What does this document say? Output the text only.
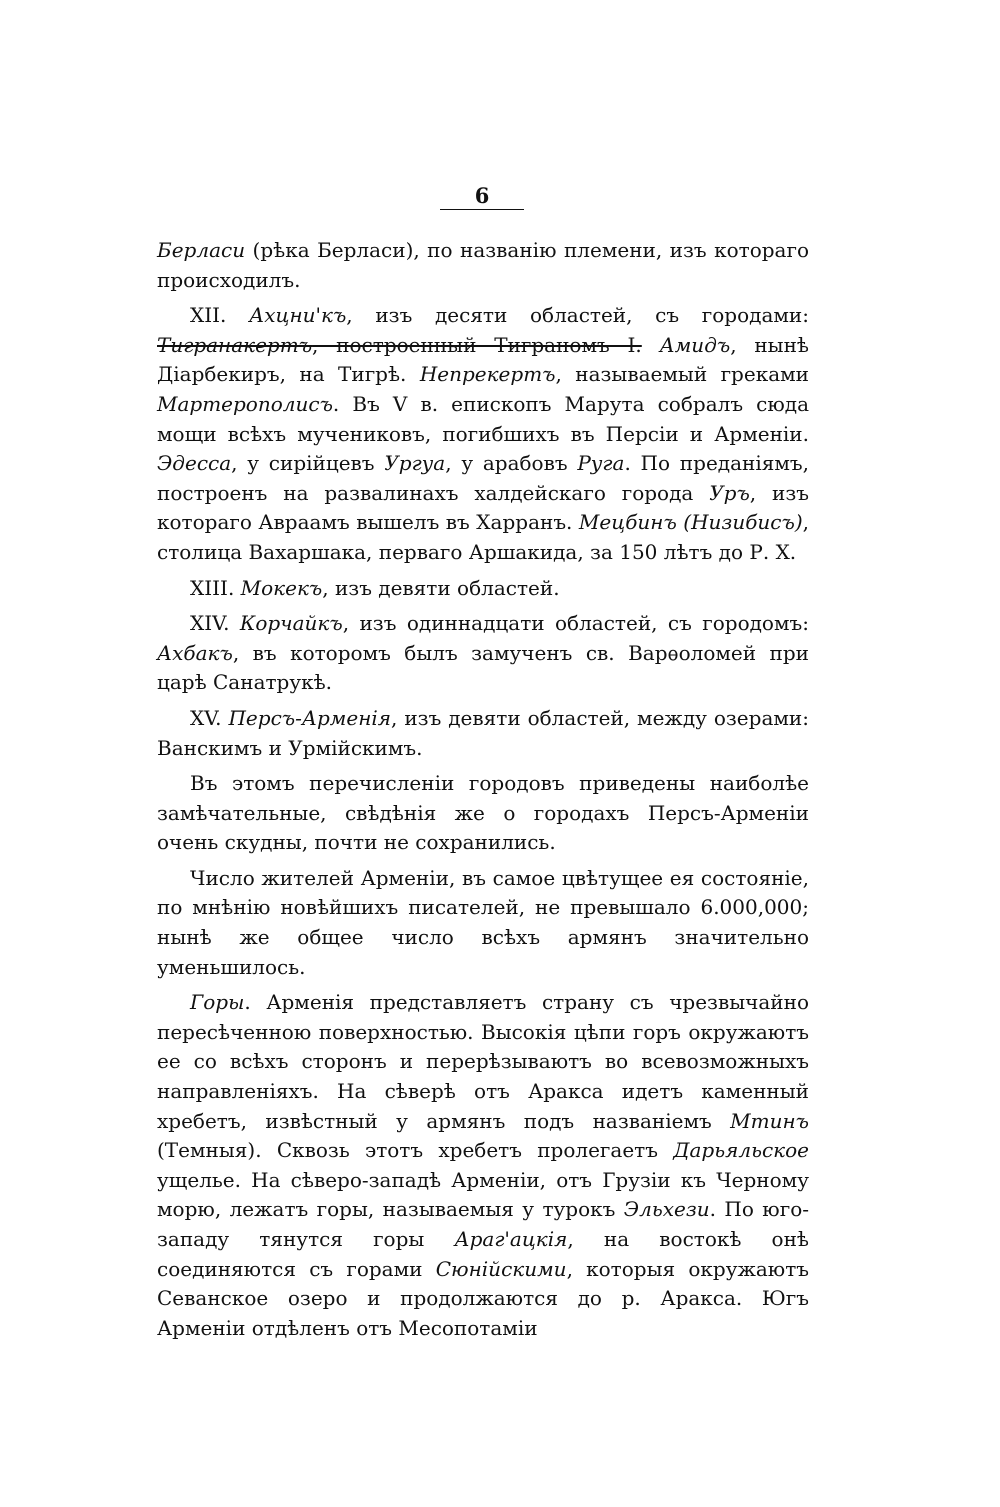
6

Берласи (рѣка Берласи), по названію племени, изъ котораго происходилъ.

XII. Ахцни'къ, изъ десяти областей, съ городами: Тигранакертъ, построенный Тиграномъ I. Амидъ, нынѣ Діарбекиръ, на Тигрѣ. Непрекертъ, называемый греками Мартерополисъ. Въ V в. епископъ Марута собралъ сюда мощи всѣхъ мучениковъ, погибшихъ въ Персіи и Арменіи. Эдесса, у сирійцевъ Ургуа, у арабовъ Руга. По преданіямъ, построенъ на развалинахъ халдейскаго города Уръ, изъ котораго Авраамъ вышелъ въ Харранъ. Мецбинъ (Низибисъ), столица Вахаршака, перваго Аршакида, за 150 лѣтъ до Р. Х.

XIII. Мокекъ, изъ девяти областей.

XIV. Корчайкъ, изъ одиннадцати областей, съ городомъ: Ахбакъ, въ которомъ былъ замученъ св. Варѳоломей при царѣ Санатрукѣ.

XV. Персъ-Арменія, изъ девяти областей, между озерами: Ванскимъ и Урмійскимъ.

Въ этомъ перечисленіи городовъ приведены наиболѣе замѣчательные, свѣдѣнія же о городахъ Персъ-Арменіи очень скудны, почти не сохранились.

Число жителей Арменіи, въ самое цвѣтущее ея состояніе, по мнѣнію новѣйшихъ писателей, не превышало 6.000,000; нынѣ же общее число всѣхъ армянъ значительно уменьшилось.

Горы. Арменія представляетъ страну съ чрезвычайно пересѣченною поверхностью. Высокія цѣпи горъ окружаютъ ее со всѣхъ сторонъ и перерѣзываютъ во всевозможныхъ направленіяхъ. На сѣверѣ отъ Аракса идетъ каменный хребетъ, извѣстный у армянъ подъ названіемъ Мтинъ (Темныя). Сквозь этотъ хребетъ пролегаетъ Дарьяльское ущелье. На сѣверо-западѣ Арменіи, отъ Грузіи къ Черному морю, лежатъ горы, называемыя у турокъ Эльхези. По юго-западу тянутся горы Араг'ацкія, на востокѣ онѣ соединяются съ горами Сюнійскими, которыя окружаютъ Севанское озеро и продолжаются до р. Аракса. Югъ Арменіи отдѣленъ отъ Месопотаміи
